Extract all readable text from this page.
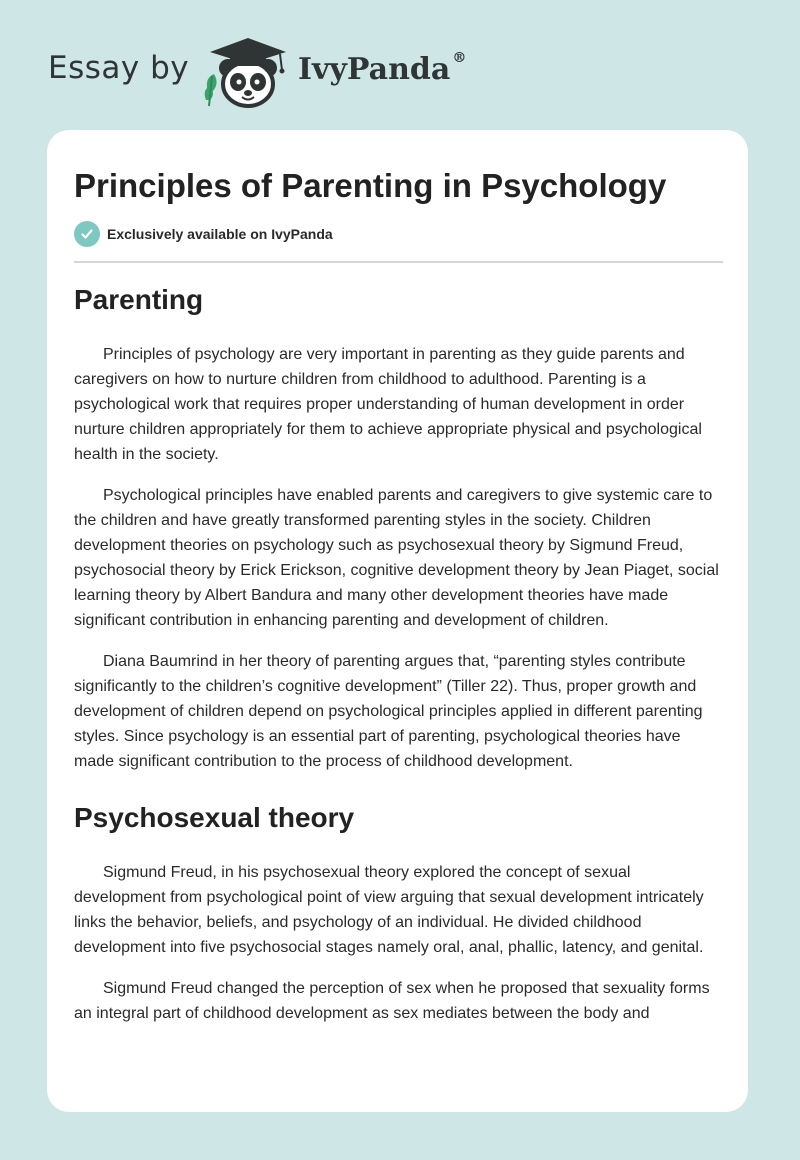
Essay by	IvyPanda ®
Principles of Parenting in Psychology
Exclusively available on IvyPanda
Parenting

Principles of psychology are very important in parenting as they guide parents and caregivers on how to nurture children from childhood to adulthood. Parenting is a psychological work that requires proper understanding of human development in order nurture children appropriately for them to achieve appropriate physical and psychological health in the society.

Psychological principles have enabled parents and caregivers to give systemic care to the children and have greatly transformed parenting styles in the society. Children development theories on psychology such as psychosexual theory by Sigmund Freud, psychosocial theory by Erick Erickson, cognitive development theory by Jean Piaget, social learning theory by Albert Bandura and many other development theories have made significant contribution in enhancing parenting and development of children.

Diana Baumrind in her theory of parenting argues that, “parenting styles contribute significantly to the children’s cognitive development” (Tiller 22). Thus, proper growth and development of children depend on psychological principles applied in different parenting styles. Since psychology is an essential part of parenting, psychological theories have made significant contribution to the process of childhood development.

Psychosexual theory

Sigmund Freud, in his psychosexual theory explored the concept of sexual development from psychological point of view arguing that sexual development intricately links the behavior, beliefs, and psychology of an individual. He divided childhood development into five psychosocial stages namely oral, anal, phallic, latency, and genital.

Sigmund Freud changed the perception of sex when he proposed that sexuality forms an integral part of childhood development as sex mediates between the body and
